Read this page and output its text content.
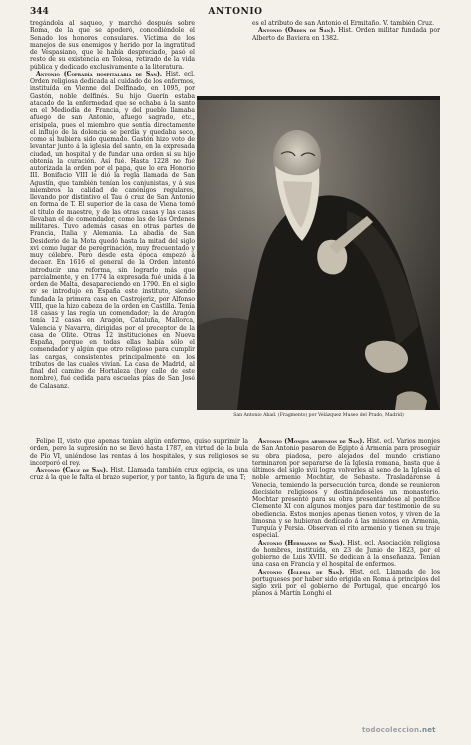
344	ANTONIO

tregándola al saqueo, y marchó después sobre Roma, de la que se apoderó, concediéndole el Senado los honores consulares. Víctima de los manejos de sus enemigos y herido por la ingratitud de Vespasiano, que le había despreciado, pasó el resto de su existencia en Tolosa, retirado de la vida pública y dedicado exclusivamente a la literatura.

Antonio (Cofradía hospitalaria de San). Hist. ecl. Orden religiosa dedicada al cuidado de los enfermos, instituída en Vienne del Delfinado, en 1095, por Gastón, noble delfinés. Su hijo Guerín estaba atacado de la enfermedad que se echaba á la santo en el Mediodía de Francia, y del pueblo llamaba afuego de san Antonio, afuego sagrado, etc., erisipela, pues el miembro que sentía directamente el influjo de la dolencia se perdía y quedaba seco, como si hubiera sido quemado. Gastón hizo voto de levantar junto á la iglesia del santo, en la expresada ciudad, un hospital y de fundar una orden si su hijo obtenía la curación. Así fué. Hasta 1228 no fué autorizada la orden por el papa, que lo era Honorio III. Bonifacio VIII le dió la regla llamada de San Agustín, que también tenían los canjunistas, y á sus miembros la calidad de canónigos regulares, llevando por distintivo el Tau ó cruz de San Antonio en forma de T. El superior de la casa de Viena tomó el título de maestre, y de las otras casas y las casas llevaban el de comendador, como las de las Órdenes militares. Tuvo además casas en otras partes de Francia, Italia y Alemania. La abadía de San Desiderio de la Mota quedó hasta la mitad del siglo xvi como lugar de peregrinación, muy frecuentado y muy célebre. Pero desde esta época empezó á decaer. En 1616 el general de la Orden intentó introducir una reforma, sin lograrlo más que parcialmente, y en 1774 la expresada fué unida á la orden de Malta, desapareciendo en 1790. En el siglo xv se introdujo en España este instituto, siendo fundada la primera casa en Castrojeriz, por Alfonso VIII, que la hizo cabeza de la orden en Castilla. Tenía 18 casas y las regía un comendador; la de Aragón tenía 12 casas en Aragón, Cataluña, Mallorca, Valencia y Navarra, dirigidas por el preceptor de la casa de Olite. Otras 12 instituciones en Nueva España, porque en todas ellas había sólo el comendador y algún que otro religioso para cumplir las cargas, consistentes principalmente en los tributos de las cuales vivían. La casa de Madrid, al final del camino de Hortaleza (hoy calle de este nombre), fué cedida para escuelas pías de San José de Calasanz.

es el atributo de san Antonio el Ermitaño. V. también Cruz.

Antonio (Orden de San). Hist. Orden militar fundada por Alberto de Baviera en 1382.

San Antonio Abad. (Fragmento) por Velázquez Museo del Prado, Madrid)

Felipe II, visto que apenas tenían algún enfermo, quiso suprimir la orden, pero la supresión no se llevó hasta 1787, en virtud de la bula de Pío VI, uniéndose las rentas á los hospitales, y sus religiosos se incorporó el rey.

Antonio (Cruz de San). Hist. Llamada también crux egipcia, es una cruz á la que le falta el brazo superior, y por tanto, la figura de una T;

Antonio (Monjes armenios de San). Hist. ecl. Varios monjes de San Antonio pasaron de Egipto á Armenia para proseguir su obra piadosa, pero alejados del mundo cristiano terminaron por separarse de la Iglesia romana, hasta que á últimos del siglo xvii logra volverles al seno de la Iglesia el noble armenio Mochtar, de Sebaste. Trasladáronse á Venecia, temiendo la persecución turca, donde se reunieron diecisiete religiosos y destinándoseles un monasterio. Mochtar presentó para su obra presentándose al pontífice Clemente XI con algunos monjes para dar testimonio de su obediencia. Estos monjes apenas tienen votos, y viven de la limosna y se hubieran dedicado á las misiones en Armenia, Turquía y Persia. Observan el rito armenio y tienen su traje especial.

Antonio (Hermanos de San). Hist. ecl. Asociación religiosa de hombres, instituída, en 23 de Junio de 1823, por el gobierno de Luis XVIII. Se dedican á la enseñanza. Tenían una casa en Francia y el hospital de enfermos.

Antonio (Iglesia de San). Hist. ecl. Llamada de los portugueses por haber sido erigida en Roma á principios del siglo xvii por el gobierno de Portugal, que encargó los planos á Martín Longhi el

todocoleccion.net
